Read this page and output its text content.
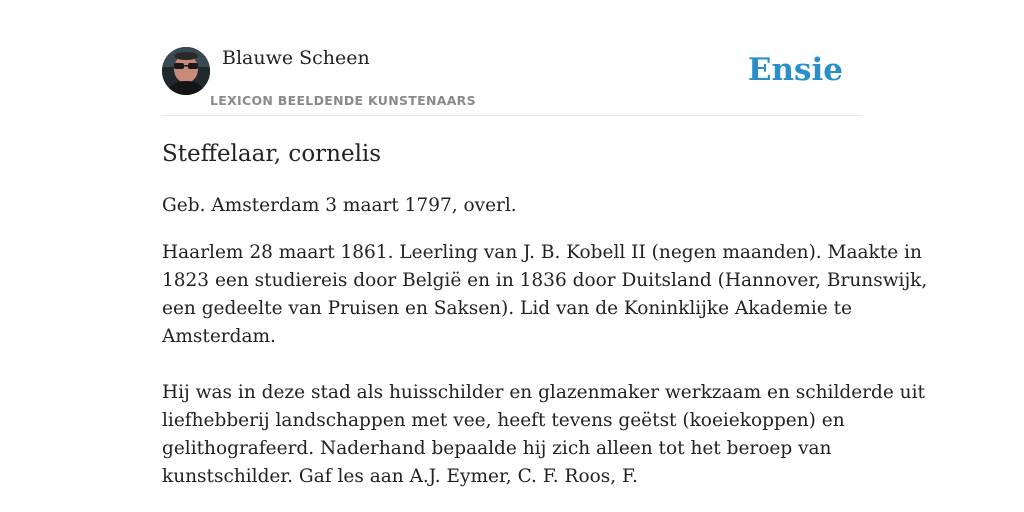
Blauwe Scheen
LEXICON BEELDENDE KUNSTENAARS
Ensie
Steffelaar, cornelis

Geb. Amsterdam 3 maart 1797, overl.

Haarlem 28 maart 1861. Leerling van J. B. Kobell II (negen maanden). Maakte in
1823 een studiereis door België en in 1836 door Duitsland (Hannover, Brunswijk,
een gedeelte van Pruisen en Saksen). Lid van de Koninklijke Akademie te
Amsterdam.

Hij was in deze stad als huisschilder en glazenmaker werkzaam en schilderde uit
liefhebberij landschappen met vee, heeft tevens geëtst (koeiekoppen) en
gelithografeerd. Naderhand bepaalde hij zich alleen tot het beroep van
kunstschilder. Gaf les aan A.J. Eymer, C. F. Roos, F.
